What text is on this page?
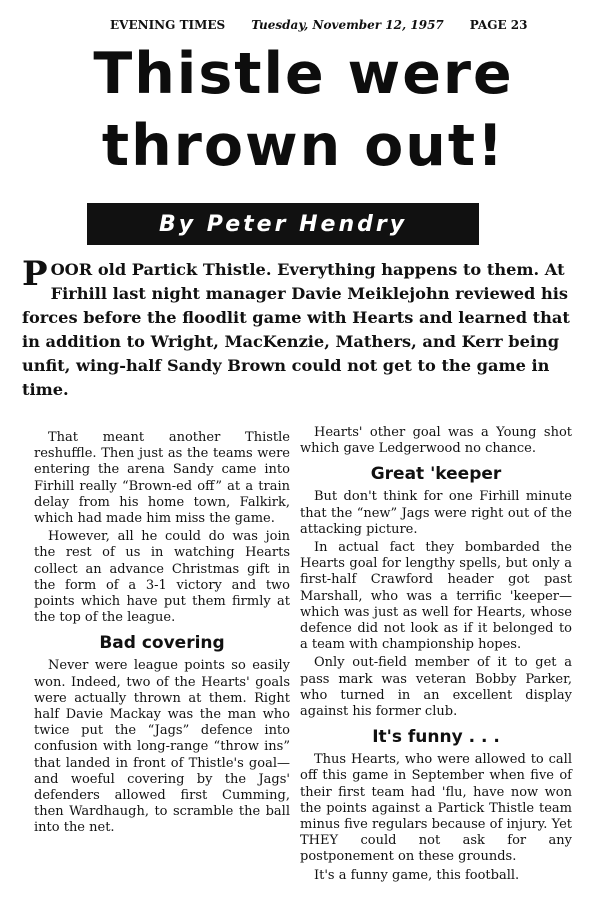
EVENING TIMES Tuesday, November 12, 1957 PAGE 23
Thistle were
thrown out!
By Peter Hendry
POOR old Partick Thistle. Everything happens to them. At Firhill last night manager Davie Meiklejohn reviewed his forces before the floodlit game with Hearts and learned that in addition to Wright, MacKenzie, Mathers, and Kerr being unfit, wing-half Sandy Brown could not get to the game in time.

That meant another Thistle reshuffle. Then just as the teams were entering the arena Sandy came into Firhill really “Brown-ed off” at a train delay from his home town, Falkirk, which had made him miss the game.

However, all he could do was join the rest of us in watching Hearts collect an advance Christmas gift in the form of a 3-1 victory and two points which have put them firmly at the top of the league.

Bad covering

Never were league points so easily won. Indeed, two of the Hearts' goals were actually thrown at them. Right half Davie Mackay was the man who twice put the “Jags” defence into confusion with long-range “throw ins” that landed in front of Thistle's goal—and woeful covering by the Jags' defenders allowed first Cumming, then Wardhaugh, to scramble the ball into the net.

Hearts' other goal was a Young shot which gave Ledgerwood no chance.

Great 'keeper

But don't think for one Firhill minute that the “new” Jags were right out of the attacking picture.

In actual fact they bombarded the Hearts goal for lengthy spells, but only a first-half Crawford header got past Marshall, who was a terrific 'keeper—which was just as well for Hearts, whose defence did not look as if it belonged to a team with championship hopes.

Only out-field member of it to get a pass mark was veteran Bobby Parker, who turned in an excellent display against his former club.

It's funny . . .

Thus Hearts, who were allowed to call off this game in September when five of their first team had 'flu, have now won the points against a Partick Thistle team minus five regulars because of injury. Yet THEY could not ask for any postponement on these grounds.

It's a funny game, this football.
